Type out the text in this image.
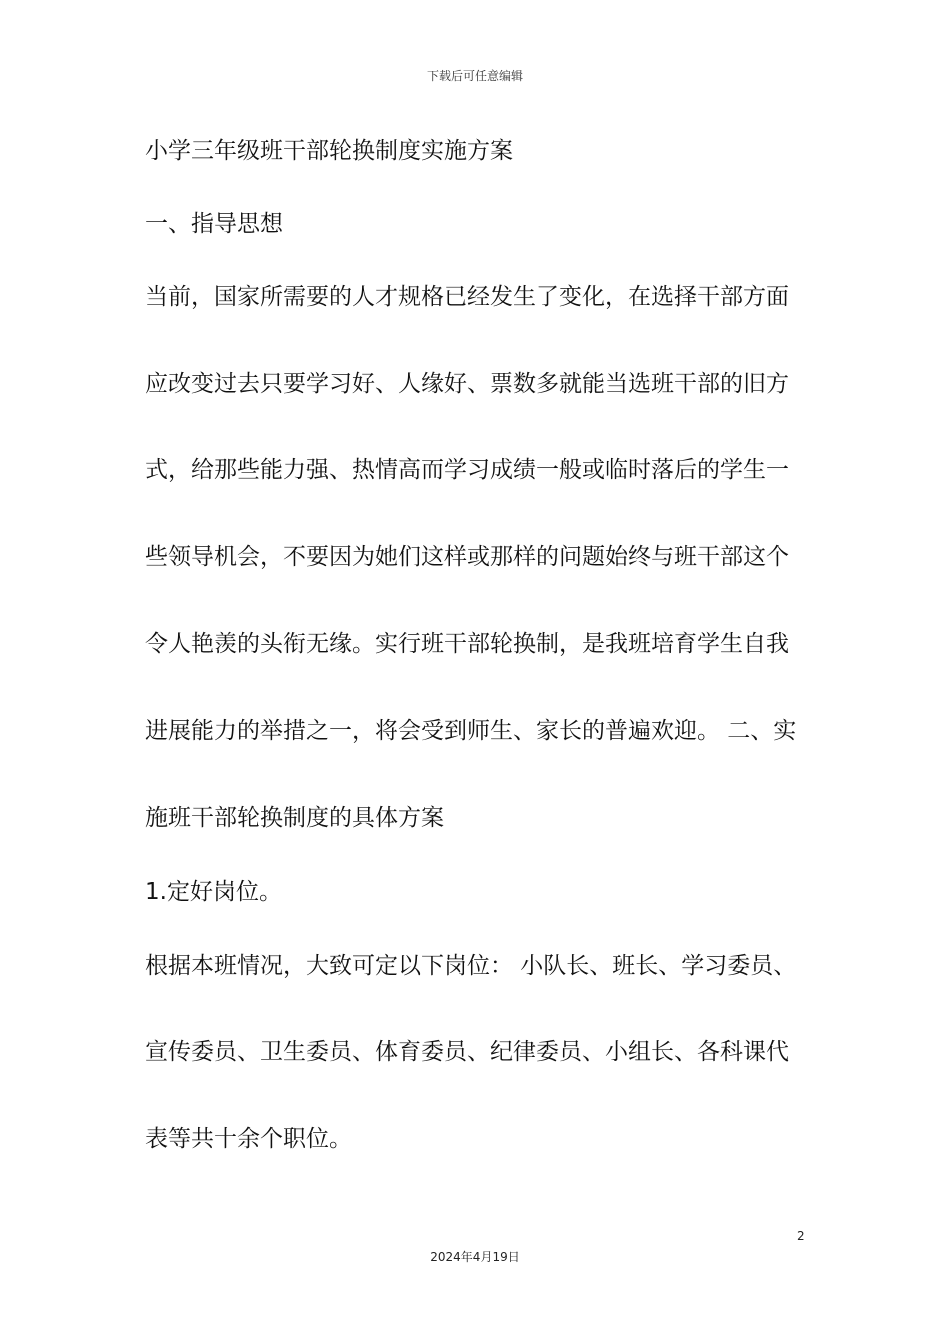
下载后可任意编辑
小学三年级班干部轮换制度实施方案
一、指导思想
当前，国家所需要的人才规格已经发生了变化，在选择干部方面
应改变过去只要学习好、人缘好、票数多就能当选班干部的旧方
式，给那些能力强、热情高而学习成绩一般或临时落后的学生一
些领导机会，不要因为她们这样或那样的问题始终与班干部这个
令人艳羡的头衔无缘。实行班干部轮换制，是我班培育学生自我
进展能力的举措之一，将会受到师生、家长的普遍欢迎。 二、实
施班干部轮换制度的具体方案
1.定好岗位。
根据本班情况，大致可定以下岗位： 小队长、班长、学习委员、
宣传委员、卫生委员、体育委员、纪律委员、小组长、各科课代
表等共十余个职位。
2
2024年4月19日
